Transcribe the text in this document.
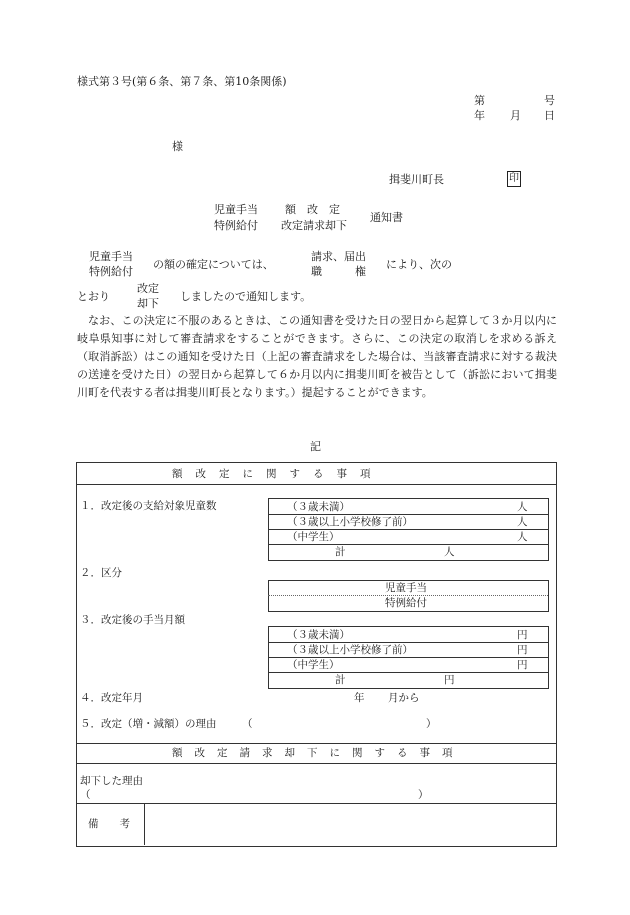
様式第３号(第６条、第７条、第10条関係)
第	号
年 月 日
様
揖斐川町長	印
児童手当
特例給付
額　改　定
改定請求却下
通知書
児童手当
特例給付
の額の確定については、
請求、届出
職　　　権
により、次の
とおり
改定
却下
しましたので通知します。
なお、この決定に不服のあるときは、この通知書を受けた日の翌日から起算して３か月以内に岐阜県知事に対して審査請求をすることができます。さらに、この決定の取消しを求める訴え（取消訴訟）はこの通知を受けた日（上記の審査請求をした場合は、当該審査請求に対する裁決の送達を受けた日）の翌日から起算して６か月以内に揖斐川町を被告として（訴訟において揖斐川町を代表する者は揖斐川町長となります。）提起することができます。
記
額改定に関する事項
１．改定後の支給対象児童数	（３歳未満）	人
（３歳以上小学校修了前）	人
（中学生）	人
計	人
２．区分
児童手当
特例給付
３．改定後の手当月額
（３歳未満）	円
（３歳以上小学校修了前）	円
（中学生）	円
計	円
４．改定年月	年 月から
５．改定（増・減額）の理由 （	）
額改定請求却下に関する事項
却下した理由
（	）
備　　考
